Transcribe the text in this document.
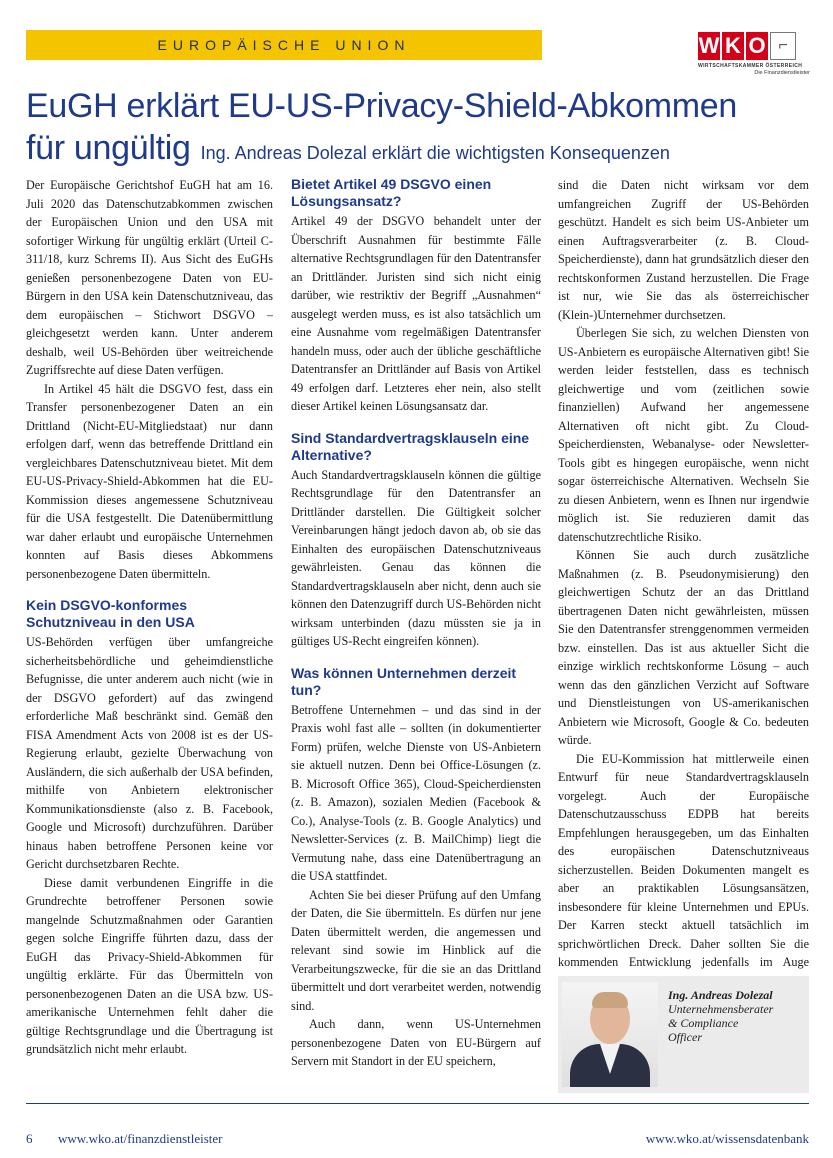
EUROPÄISCHE UNION	W K O ⌐
WIRTSCHAFTSKAMMER ÖSTERREICH
Die Finanzdienstleister
EuGH erklärt EU-US-Privacy-Shield-Abkommen
für ungültig Ing. Andreas Dolezal erklärt die wichtigsten Konsequenzen

Der Europäische Gerichtshof EuGH hat am 16. Juli 2020 das Datenschutzabkommen zwischen der Europäischen Union und den USA mit sofortiger Wirkung für ungültig erklärt (Urteil C-311/18, kurz Schrems II). Aus Sicht des EuGHs genießen personenbezogene Daten von EU-Bürgern in den USA kein Datenschutzniveau, das dem europäischen – Stichwort DSGVO – gleichgesetzt werden kann. Unter anderem deshalb, weil US-Behörden über weitreichende Zugriffsrechte auf diese Daten verfügen.

In Artikel 45 hält die DSGVO fest, dass ein Transfer personenbezogener Daten an ein Drittland (Nicht-EU-Mitgliedstaat) nur dann erfolgen darf, wenn das betreffende Drittland ein vergleichbares Datenschutzniveau bietet. Mit dem EU-US-Privacy-Shield-Abkommen hat die EU-Kommission dieses angemessene Schutzniveau für die USA festgestellt. Die Datenübermittlung war daher erlaubt und europäische Unternehmen konnten auf Basis dieses Abkommens personenbezogene Daten übermitteln.

Kein DSGVO-konformes Schutzniveau in den USA

US-Behörden verfügen über umfangreiche sicherheitsbehördliche und geheimdienstliche Befugnisse, die unter anderem auch nicht (wie in der DSGVO gefordert) auf das zwingend erforderliche Maß beschränkt sind. Gemäß den FISA Amendment Acts von 2008 ist es der US-Regierung erlaubt, gezielte Überwachung von Ausländern, die sich außerhalb der USA befinden, mithilfe von Anbietern elektronischer Kommunikationsdienste (also z. B. Facebook, Google und Microsoft) durchzuführen. Darüber hinaus haben betroffene Personen keine vor Gericht durchsetzbaren Rechte.

Diese damit verbundenen Eingriffe in die Grundrechte betroffener Personen sowie mangelnde Schutzmaßnahmen oder Garantien gegen solche Eingriffe führten dazu, dass der EuGH das Privacy-Shield-Abkommen für ungültig erklärte. Für das Übermitteln von personenbezogenen Daten an die USA bzw. US-amerikanische Unternehmen fehlt daher die gültige Rechtsgrundlage und die Übertragung ist grundsätzlich nicht mehr erlaubt.

Bietet Artikel 49 DSGVO einen Lösungsansatz?

Artikel 49 der DSGVO behandelt unter der Überschrift Ausnahmen für bestimmte Fälle alternative Rechtsgrundlagen für den Datentransfer an Drittländer. Juristen sind sich nicht einig darüber, wie restriktiv der Begriff „Ausnahmen“ ausgelegt werden muss, es ist also tatsächlich um eine Ausnahme vom regelmäßigen Datentransfer handeln muss, oder auch der übliche geschäftliche Datentransfer an Drittländer auf Basis von Artikel 49 erfolgen darf. Letzteres eher nein, also stellt dieser Artikel keinen Lösungsansatz dar.

Sind Standardvertragsklauseln eine Alternative?

Auch Standardvertragsklauseln können die gültige Rechtsgrundlage für den Datentransfer an Drittländer darstellen. Die Gültigkeit solcher Vereinbarungen hängt jedoch davon ab, ob sie das Einhalten des europäischen Datenschutzniveaus gewährleisten. Genau das können die Standardvertragsklauseln aber nicht, denn auch sie können den Datenzugriff durch US-Behörden nicht wirksam unterbinden (dazu müssten sie ja in gültiges US-Recht eingreifen können).

Was können Unternehmen derzeit tun?

Betroffene Unternehmen – und das sind in der Praxis wohl fast alle – sollten (in dokumentierter Form) prüfen, welche Dienste von US-Anbietern sie aktuell nutzen. Denn bei Office-Lösungen (z. B. Microsoft Office 365), Cloud-Speicherdiensten (z. B. Amazon), sozialen Medien (Facebook & Co.), Analyse-Tools (z. B. Google Analytics) und Newsletter-Services (z. B. MailChimp) liegt die Vermutung nahe, dass eine Datenübertragung an die USA stattfindet.

Achten Sie bei dieser Prüfung auf den Umfang der Daten, die Sie übermitteln. Es dürfen nur jene Daten übermittelt werden, die angemessen und relevant sind sowie im Hinblick auf die Verarbeitungszwecke, für die sie an das Drittland übermittelt und dort verarbeitet werden, notwendig sind.

Auch dann, wenn US-Unternehmen personenbezogene Daten von EU-Bürgern auf Servern mit Standort in der EU speichern,

sind die Daten nicht wirksam vor dem umfangreichen Zugriff der US-Behörden geschützt. Handelt es sich beim US-Anbieter um einen Auftragsverarbeiter (z. B. Cloud-Speicherdienste), dann hat grundsätzlich dieser den rechtskonformen Zustand herzustellen. Die Frage ist nur, wie Sie das als österreichischer (Klein-)Unternehmer durchsetzen.

Überlegen Sie sich, zu welchen Diensten von US-Anbietern es europäische Alternativen gibt! Sie werden leider feststellen, dass es technisch gleichwertige und vom (zeitlichen sowie finanziellen) Aufwand her angemessene Alternativen oft nicht gibt. Zu Cloud-Speicherdiensten, Webanalyse- oder Newsletter-Tools gibt es hingegen europäische, wenn nicht sogar österreichische Alternativen. Wechseln Sie zu diesen Anbietern, wenn es Ihnen nur irgendwie möglich ist. Sie reduzieren damit das datenschutzrechtliche Risiko.

Können Sie auch durch zusätzliche Maßnahmen (z. B. Pseudonymisierung) den gleichwertigen Schutz der an das Drittland übertragenen Daten nicht gewährleisten, müssen Sie den Datentransfer strenggenommen vermeiden bzw. einstellen. Das ist aus aktueller Sicht die einzige wirklich rechtskonforme Lösung – auch wenn das den gänzlichen Verzicht auf Software und Dienstleistungen von US-amerikanischen Anbietern wie Microsoft, Google & Co. bedeuten würde.

Die EU-Kommission hat mittlerweile einen Entwurf für neue Standardvertragsklauseln vorgelegt. Auch der Europäische Datenschutzausschuss EDPB hat bereits Empfehlungen herausgegeben, um das Einhalten des europäischen Datenschutzniveaus sicherzustellen. Beiden Dokumenten mangelt es aber an praktikablen Lösungsansätzen, insbesondere für kleine Unternehmen und EPUs. Der Karren steckt aktuell tatsächlich im sprichwörtlichen Dreck. Daher sollten Sie die kommenden Entwicklung jedenfalls im Auge

Ing. Andreas Dolezal
Unternehmensberater
& Compliance
Officer
6 www.wko.at/finanzdienstleister	www.wko.at/wissensdatenbank
